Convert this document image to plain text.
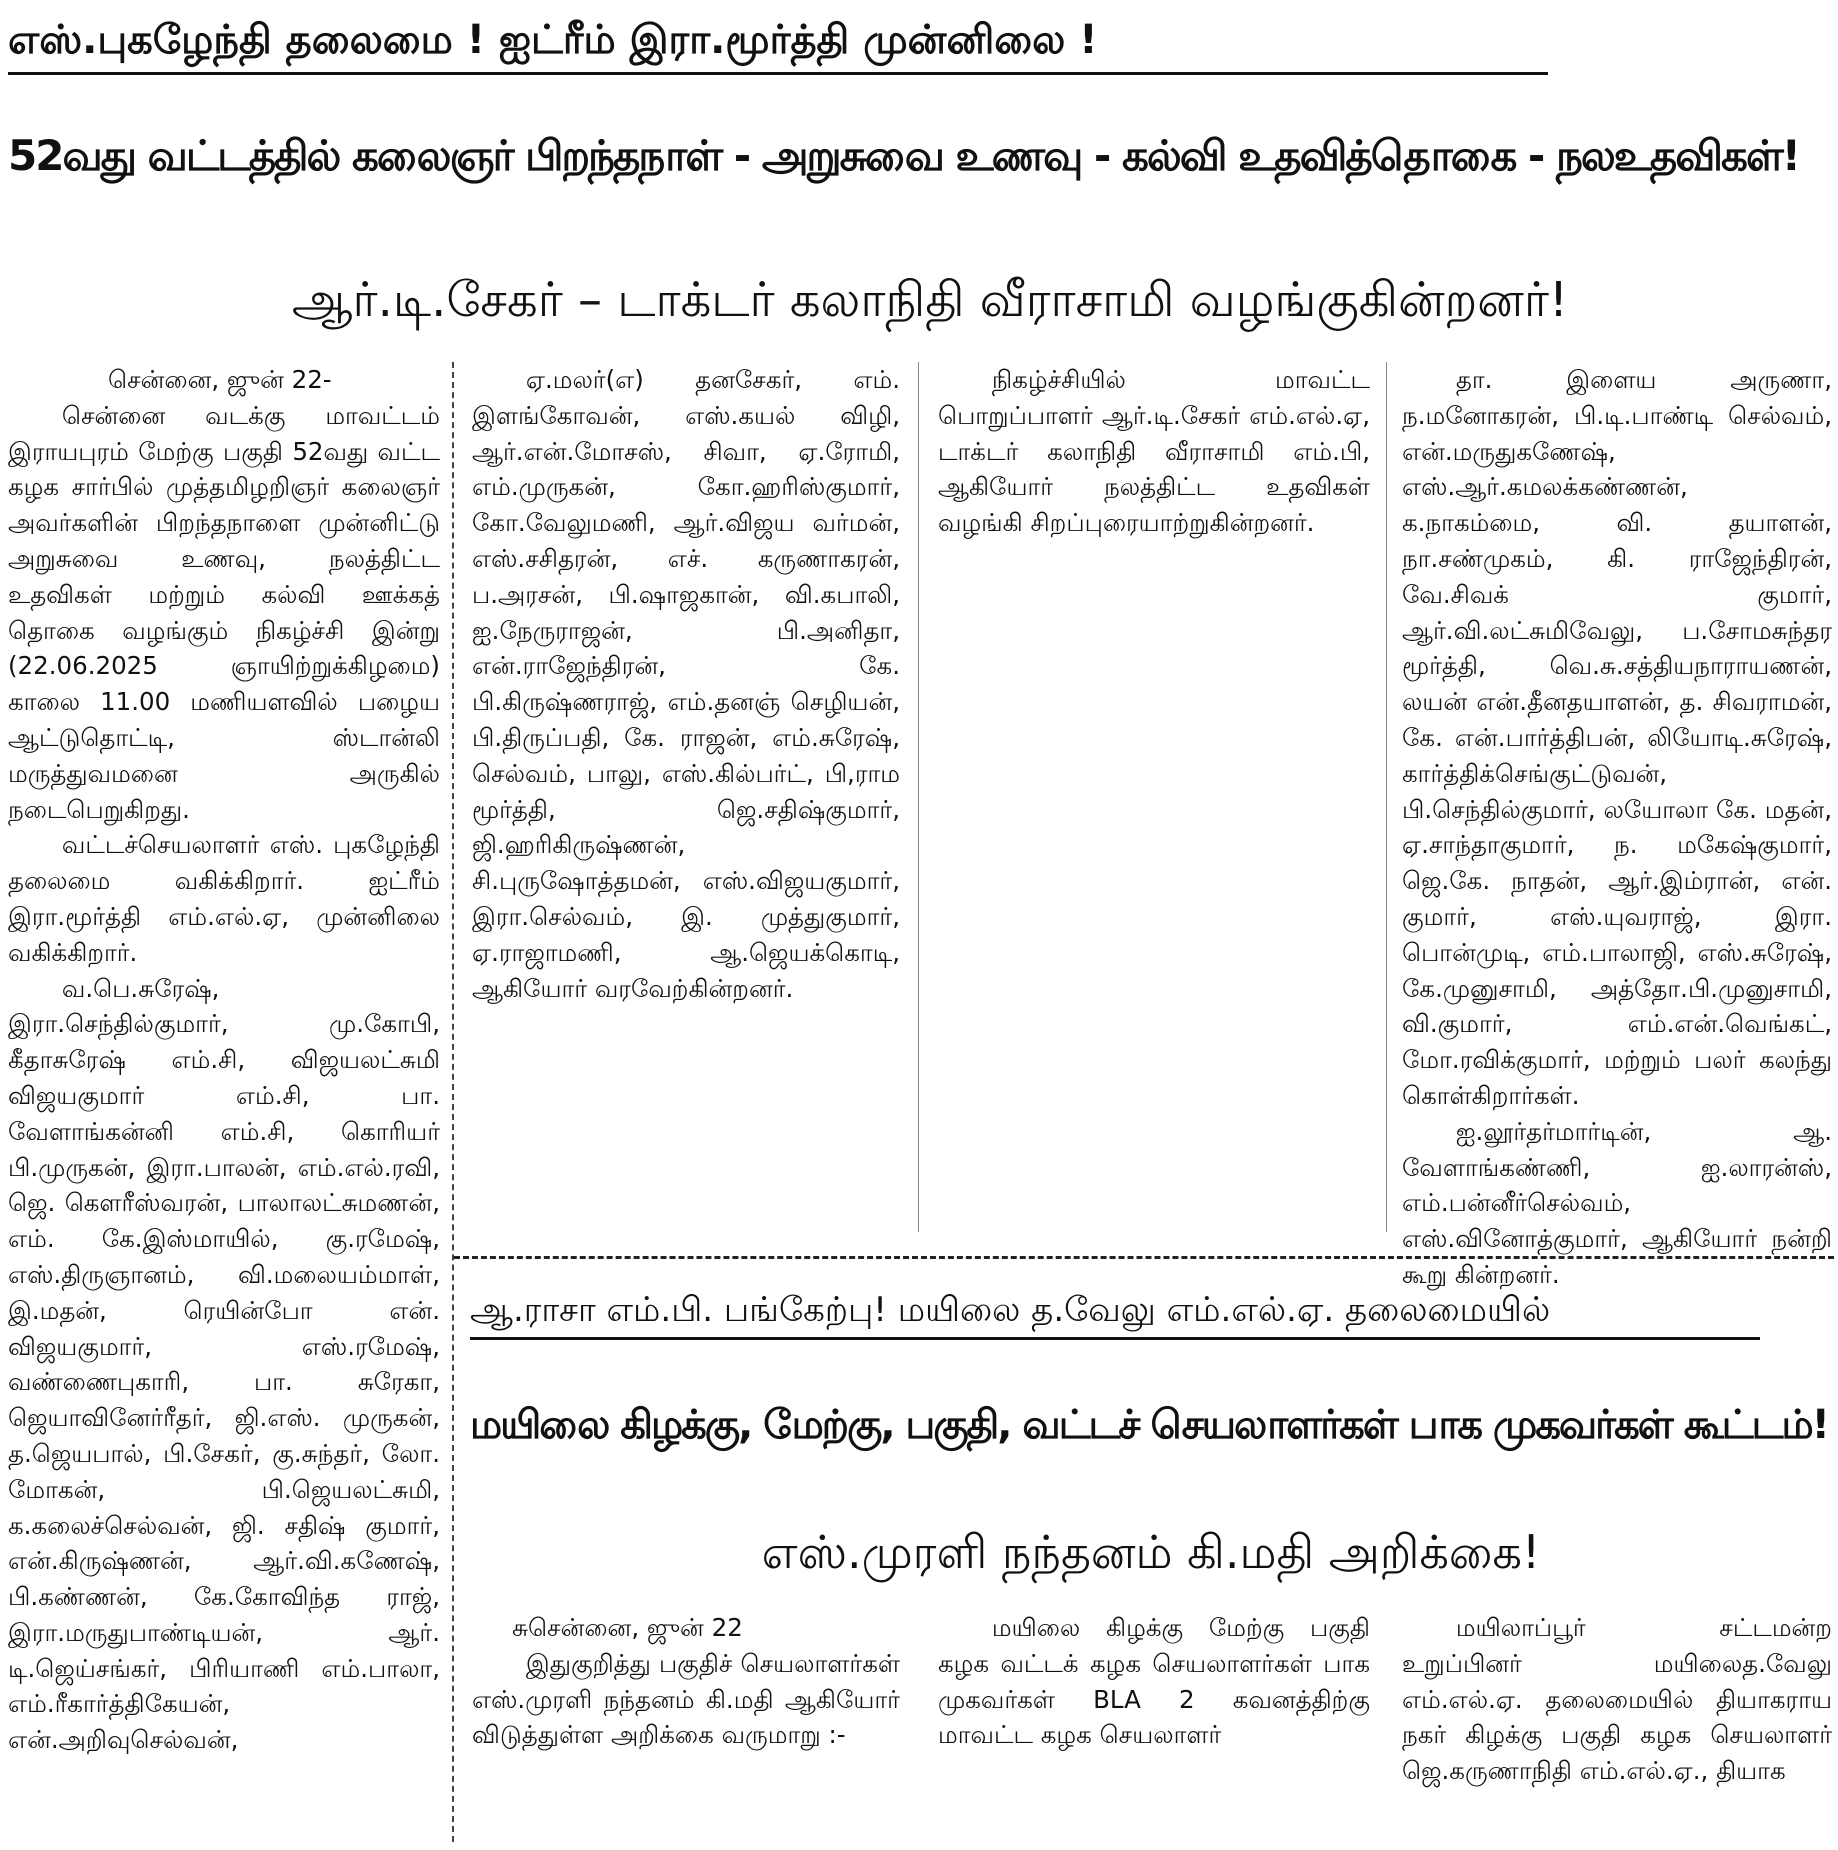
எஸ்.புகழேந்தி தலைமை ! ஐட்ரீம் இரா.மூர்த்தி முன்னிலை !
52வது வட்டத்தில் கலைஞர் பிறந்தநாள் - அறுசுவை உணவு - கல்வி உதவித்தொகை - நலஉதவிகள்!
ஆர்.டி.சேகர் – டாக்டர் கலாநிதி வீராசாமி வழங்குகின்றனர்!

சென்னை, ஜுன் 22-

சென்னை வடக்கு மாவட்டம் இராயபுரம் மேற்கு பகுதி 52வது வட்ட கழக சார்பில் முத்தமிழறிஞர் கலைஞர் அவர்களின் பிறந்தநாளை முன்னிட்டு அறுசுவை உணவு, நலத்திட்ட உதவிகள் மற்றும் கல்வி ஊக்கத் தொகை வழங்கும் நிகழ்ச்சி இன்று (22.06.2025 ஞாயிற்றுக்கிழமை) காலை 11.00 மணியளவில் பழைய ஆட்டுதொட்டி, ஸ்டான்லி மருத்துவமனை அருகில் நடைபெறுகிறது.

வட்டச்செயலாளர் எஸ். புகழேந்தி தலைமை வகிக்கிறார். ஐட்ரீம் இரா.மூர்த்தி எம்.எல்.ஏ, முன்னிலை வகிக்கிறார்.

வ.பெ.சுரேஷ், இரா.செந்தில்குமார், மு.கோபி, கீதாசுரேஷ் எம்.சி, விஜயலட்சுமி விஜயகுமார் எம்.சி, பா. வேளாங்கன்னி எம்.சி, கொரியர் பி.முருகன், இரா.பாலன், எம்.எல்.ரவி, ஜெ. கௌரீஸ்வரன், பாலாலட்சுமணன், எம். கே.இஸ்மாயில், கு.ரமேஷ், எஸ்.திருஞானம், வி.மலையம்மாள், இ.மதன், ரெயின்போ என். விஜயகுமார், எஸ்.ரமேஷ், வண்ணைபுகாரி, பா. சுரேகா, ஜெயாவினேர்ரீதர், ஜி.எஸ். முருகன், த.ஜெயபால், பி.சேகர், கு.சுந்தர், லோ. மோகன், பி.ஜெயலட்சுமி, க.கலைச்செல்வன், ஜி. சதிஷ் குமார், என்.கிருஷ்ணன், ஆர்.வி.கணேஷ், பி.கண்ணன், கே.கோவிந்த ராஜ், இரா.மருதுபாண்டியன், ஆர். டி.ஜெய்சங்கர், பிரியாணி எம்.பாலா, எம்.ரீகார்த்திகேயன், என்.அறிவுசெல்வன்,

ஏ.மலர்(எ) தனசேகர், எம். இளங்கோவன், எஸ்.கயல் விழி, ஆர்.என்.மோசஸ், சிவா, ஏ.ரோமி, எம்.முருகன், கோ.ஹரிஸ்குமார், கோ.வேலுமணி, ஆர்.விஜய வர்மன், எஸ்.சசிதரன், எச். கருணாகரன், ப.அரசன், பி.ஷாஜகான், வி.கபாலி, ஐ.நேருராஜன், பி.அனிதா, என்.ராஜேந்திரன், கே. பி.கிருஷ்ணராஜ், எம்.தனஞ் செழியன், பி.திருப்பதி, கே. ராஜன், எம்.சுரேஷ், செல்வம், பாலு, எஸ்.கில்பர்ட், பி,ராம மூர்த்தி, ஜெ.சதிஷ்குமார், ஜி.ஹரிகிருஷ்ணன், சி.புருஷோத்தமன், எஸ்.விஜயகுமார், இரா.செல்வம், இ. முத்துகுமார், ஏ.ராஜாமணி, ஆ.ஜெயக்கொடி, ஆகியோர் வரவேற்கின்றனர்.

நிகழ்ச்சியில் மாவட்ட பொறுப்பாளர் ஆர்.டி.சேகர் எம்.எல்.ஏ, டாக்டர் கலாநிதி வீராசாமி எம்.பி, ஆகியோர் நலத்திட்ட உதவிகள் வழங்கி சிறப்புரையாற்றுகின்றனர்.

தா. இளைய அருணா, ந.மனோகரன், பி.டி.பாண்டி செல்வம், என்.மருதுகணேஷ், எஸ்.ஆர்.கமலக்கண்ணன், க.நாகம்மை, வி. தயாளன், நா.சண்முகம், கி. ராஜேந்திரன், வே.சிவக் குமார், ஆர்.வி.லட்சுமிவேலு, ப.சோமசுந்தர மூர்த்தி, வெ.சு.சத்தியநாராயணன், லயன் என்.தீனதயாளன், த. சிவராமன், கே. என்.பார்த்திபன், லியோடி.சுரேஷ், கார்த்திக்செங்குட்டுவன், பி.செந்தில்குமார், லயோலா கே. மதன், ஏ.சாந்தாகுமார், ந. மகேஷ்குமார், ஜெ.கே. நாதன், ஆர்.இம்ரான், என். குமார், எஸ்.யுவராஜ், இரா. பொன்முடி, எம்.பாலாஜி, எஸ்.சுரேஷ், கே.முனுசாமி, அத்தோ.பி.முனுசாமி, வி.குமார், எம்.என்.வெங்கட், மோ.ரவிக்குமார், மற்றும் பலர் கலந்து கொள்கிறார்கள்.

ஐ.லூர்தர்மார்டின், ஆ. வேளாங்கண்ணி, ஐ.லாரன்ஸ், எம்.பன்னீர்செல்வம், எஸ்.வினோத்குமார், ஆகியோர் நன்றி கூறு கின்றனர்.

ஆ.ராசா எம்.பி. பங்கேற்பு! மயிலை த.வேலு எம்.எல்.ஏ. தலைமையில்
மயிலை கிழக்கு, மேற்கு, பகுதி, வட்டச் செயலாளர்கள் பாக முகவர்கள் கூட்டம்!
எஸ்.முரளி நந்தனம் கி.மதி அறிக்கை!

சுசென்னை, ஜுன் 22

இதுகுறித்து பகுதிச் செயலாளர்கள் எஸ்.முரளி நந்தனம் கி.மதி ஆகியோர் விடுத்துள்ள அறிக்கை வருமாறு :-

மயிலை கிழக்கு மேற்கு பகுதி கழக வட்டக் கழக செயலாளர்கள் பாக முகவர்கள் BLA 2 கவனத்திற்கு மாவட்ட கழக செயலாளர்

மயிலாப்பூர் சட்டமன்ற உறுப்பினர் மயிலைத.வேலு எம்.எல்.ஏ. தலைமையில் தியாகராய நகர் கிழக்கு பகுதி கழக செயலாளர் ஜெ.கருணாநிதி எம்.எல்.ஏ., தியாக
